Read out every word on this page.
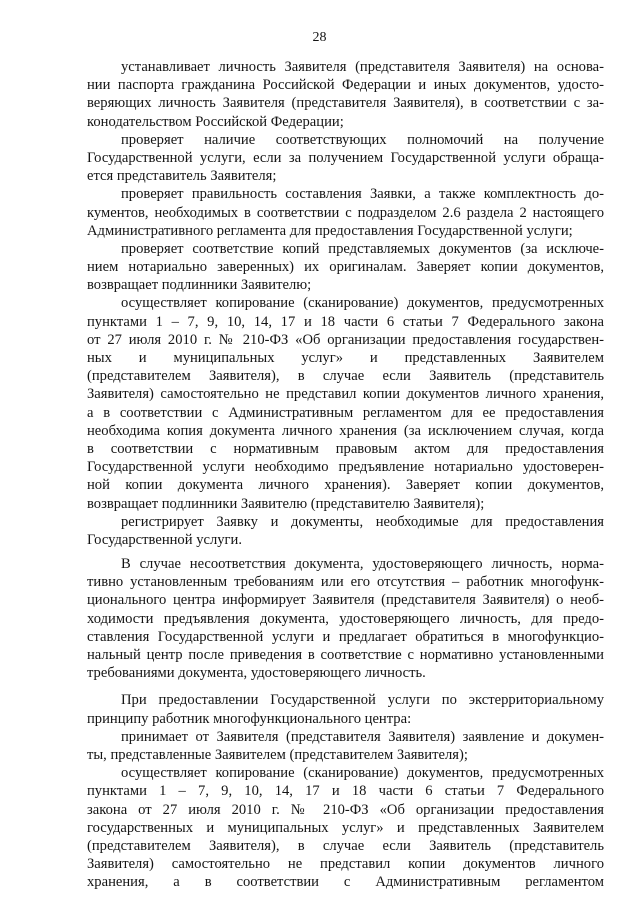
28
устанавливает личность Заявителя (представителя Заявителя) на основа-
нии паспорта гражданина Российской Федерации и иных документов, удосто-
веряющих личность Заявителя (представителя Заявителя), в соответствии с за-
конодательством Российской Федерации;
проверяет наличие соответствующих полномочий на получение
Государственной услуги, если за получением Государственной услуги обраща-
ется представитель Заявителя;
проверяет правильность составления Заявки, а также комплектность до-
кументов, необходимых в соответствии с подразделом 2.6 раздела 2 настоящего
Административного регламента для предоставления Государственной услуги;
проверяет соответствие копий представляемых документов (за исключе-
нием нотариально заверенных) их оригиналам. Заверяет копии документов,
возвращает подлинники Заявителю;
осуществляет копирование (сканирование) документов, предусмотренных
пунктами 1 – 7, 9, 10, 14, 17 и 18 части 6 статьи 7 Федерального закона
от 27 июля 2010 г. № 210-ФЗ «Об организации предоставления государствен-
ных и муниципальных услуг» и представленных Заявителем
(представителем Заявителя), в случае если Заявитель (представитель
Заявителя) самостоятельно не представил копии документов личного хранения,
а в соответствии с Административным регламентом для ее предоставления
необходима копия документа личного хранения (за исключением случая, когда
в соответствии с нормативным правовым актом для предоставления
Государственной услуги необходимо предъявление нотариально удостоверен-
ной копии документа личного хранения). Заверяет копии документов,
возвращает подлинники Заявителю (представителю Заявителя);
регистрирует Заявку и документы, необходимые для предоставления
Государственной услуги.
В случае несоответствия документа, удостоверяющего личность, норма-
тивно установленным требованиям или его отсутствия – работник многофунк-
ционального центра информирует Заявителя (представителя Заявителя) о необ-
ходимости предъявления документа, удостоверяющего личность, для предо-
ставления Государственной услуги и предлагает обратиться в многофункцио-
нальный центр после приведения в соответствие с нормативно установленными
требованиями документа, удостоверяющего личность.
При предоставлении Государственной услуги по экстерриториальному
принципу работник многофункционального центра:
принимает от Заявителя (представителя Заявителя) заявление и докумен-
ты, представленные Заявителем (представителем Заявителя);
осуществляет копирование (сканирование) документов, предусмотренных
пунктами 1 – 7, 9, 10, 14, 17 и 18 части 6 статьи 7 Федерального
закона от 27 июля 2010 г. № 210-ФЗ «Об организации предоставления
государственных и муниципальных услуг» и представленных Заявителем
(представителем Заявителя), в случае если Заявитель (представитель
Заявителя) самостоятельно не представил копии документов личного
хранения, а в соответствии с Административным регламентом
